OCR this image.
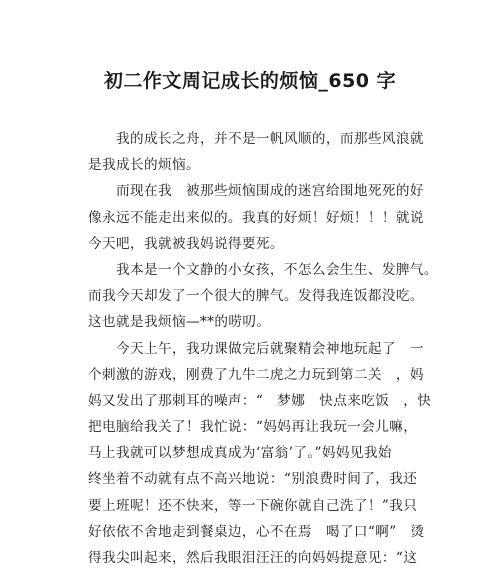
初二作文周记成长的烦恼_650 字
我的成长之舟，并不是一帆风顺的，而那些风浪就
是我成长的烦恼。
而现在我　被那些烦恼围成的迷宫给围地死死的好
像永远不能走出来似的。我真的好烦！好烦！！！就说
今天吧，我就被我妈说得要死。
我本是一个文静的小女孩，不怎么会生生、发脾气。
而我今天却发了一个很大的脾气。发得我连饭都没吃。
这也就是我烦恼—**的唠叨。
今天上午，我功课做完后就聚精会神地玩起了　一
个刺激的游戏，刚费了九牛二虎之力玩到第二关　，妈
妈又发出了那刺耳的噪声：“　梦娜　快点来吃饭　，快
把电脑给我关了！我忙说：“妈妈再让我玩一会儿嘛，
马上我就可以梦想成真成为‘富翁’了。”妈妈见我始
终坐着不动就有点不高兴地说：“别浪费时间了，我还
要上班呢！还不快来，等一下碗你就自己洗了！”我只
好依依不舍地走到餐桌边，心不在焉　喝了口“啊”　烫
得我尖叫起来，然后我眼泪汪汪的向妈妈提意见：“这
